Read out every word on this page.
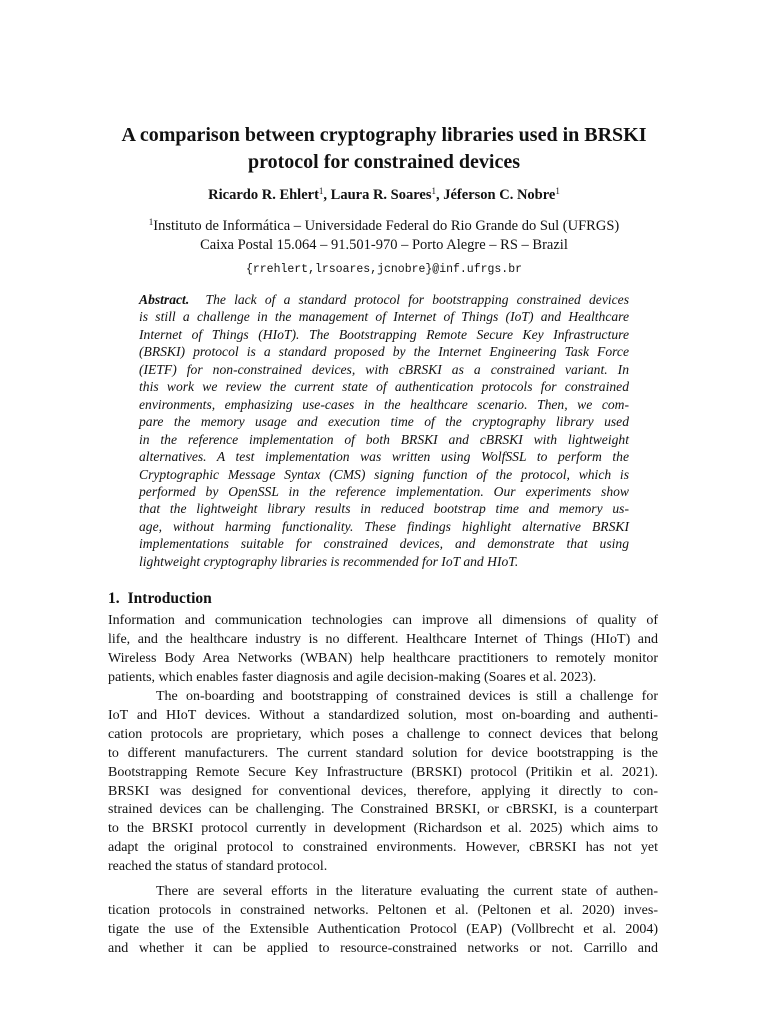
A comparison between cryptography libraries used in BRSKI
protocol for constrained devices
Ricardo R. Ehlert$^1$, Laura R. Soares$^1$, Jéferson C. Nobre$^1$
$^1$Instituto de Informática – Universidade Federal do Rio Grande do Sul (UFRGS)
Caixa Postal 15.064 – 91.501-970 – Porto Alegre – RS – Brazil
{rrehlert,lrsoares,jcnobre}@inf.ufrgs.br
Abstract. The lack of a standard protocol for bootstrapping constrained devices
is still a challenge in the management of Internet of Things (IoT) and Healthcare
Internet of Things (HIoT). The Bootstrapping Remote Secure Key Infrastructure
(BRSKI) protocol is a standard proposed by the Internet Engineering Task Force
(IETF) for non-constrained devices, with cBRSKI as a constrained variant. In
this work we review the current state of authentication protocols for constrained
environments, emphasizing use-cases in the healthcare scenario. Then, we com-
pare the memory usage and execution time of the cryptography library used
in the reference implementation of both BRSKI and cBRSKI with lightweight
alternatives. A test implementation was written using WolfSSL to perform the
Cryptographic Message Syntax (CMS) signing function of the protocol, which is
performed by OpenSSL in the reference implementation. Our experiments show
that the lightweight library results in reduced bootstrap time and memory us-
age, without harming functionality. These findings highlight alternative BRSKI
implementations suitable for constrained devices, and demonstrate that using
lightweight cryptography libraries is recommended for IoT and HIoT.
1. Introduction
Information and communication technologies can improve all dimensions of quality of
life, and the healthcare industry is no different. Healthcare Internet of Things (HIoT) and
Wireless Body Area Networks (WBAN) help healthcare practitioners to remotely monitor
patients, which enables faster diagnosis and agile decision-making (Soares et al. 2023).
The on-boarding and bootstrapping of constrained devices is still a challenge for
IoT and HIoT devices. Without a standardized solution, most on-boarding and authenti-
cation protocols are proprietary, which poses a challenge to connect devices that belong
to different manufacturers. The current standard solution for device bootstrapping is the
Bootstrapping Remote Secure Key Infrastructure (BRSKI) protocol (Pritikin et al. 2021).
BRSKI was designed for conventional devices, therefore, applying it directly to con-
strained devices can be challenging. The Constrained BRSKI, or cBRSKI, is a counterpart
to the BRSKI protocol currently in development (Richardson et al. 2025) which aims to
adapt the original protocol to constrained environments. However, cBRSKI has not yet
reached the status of standard protocol.
There are several efforts in the literature evaluating the current state of authen-
tication protocols in constrained networks. Peltonen et al. (Peltonen et al. 2020) inves-
tigate the use of the Extensible Authentication Protocol (EAP) (Vollbrecht et al. 2004)
and whether it can be applied to resource-constrained networks or not. Carrillo and
